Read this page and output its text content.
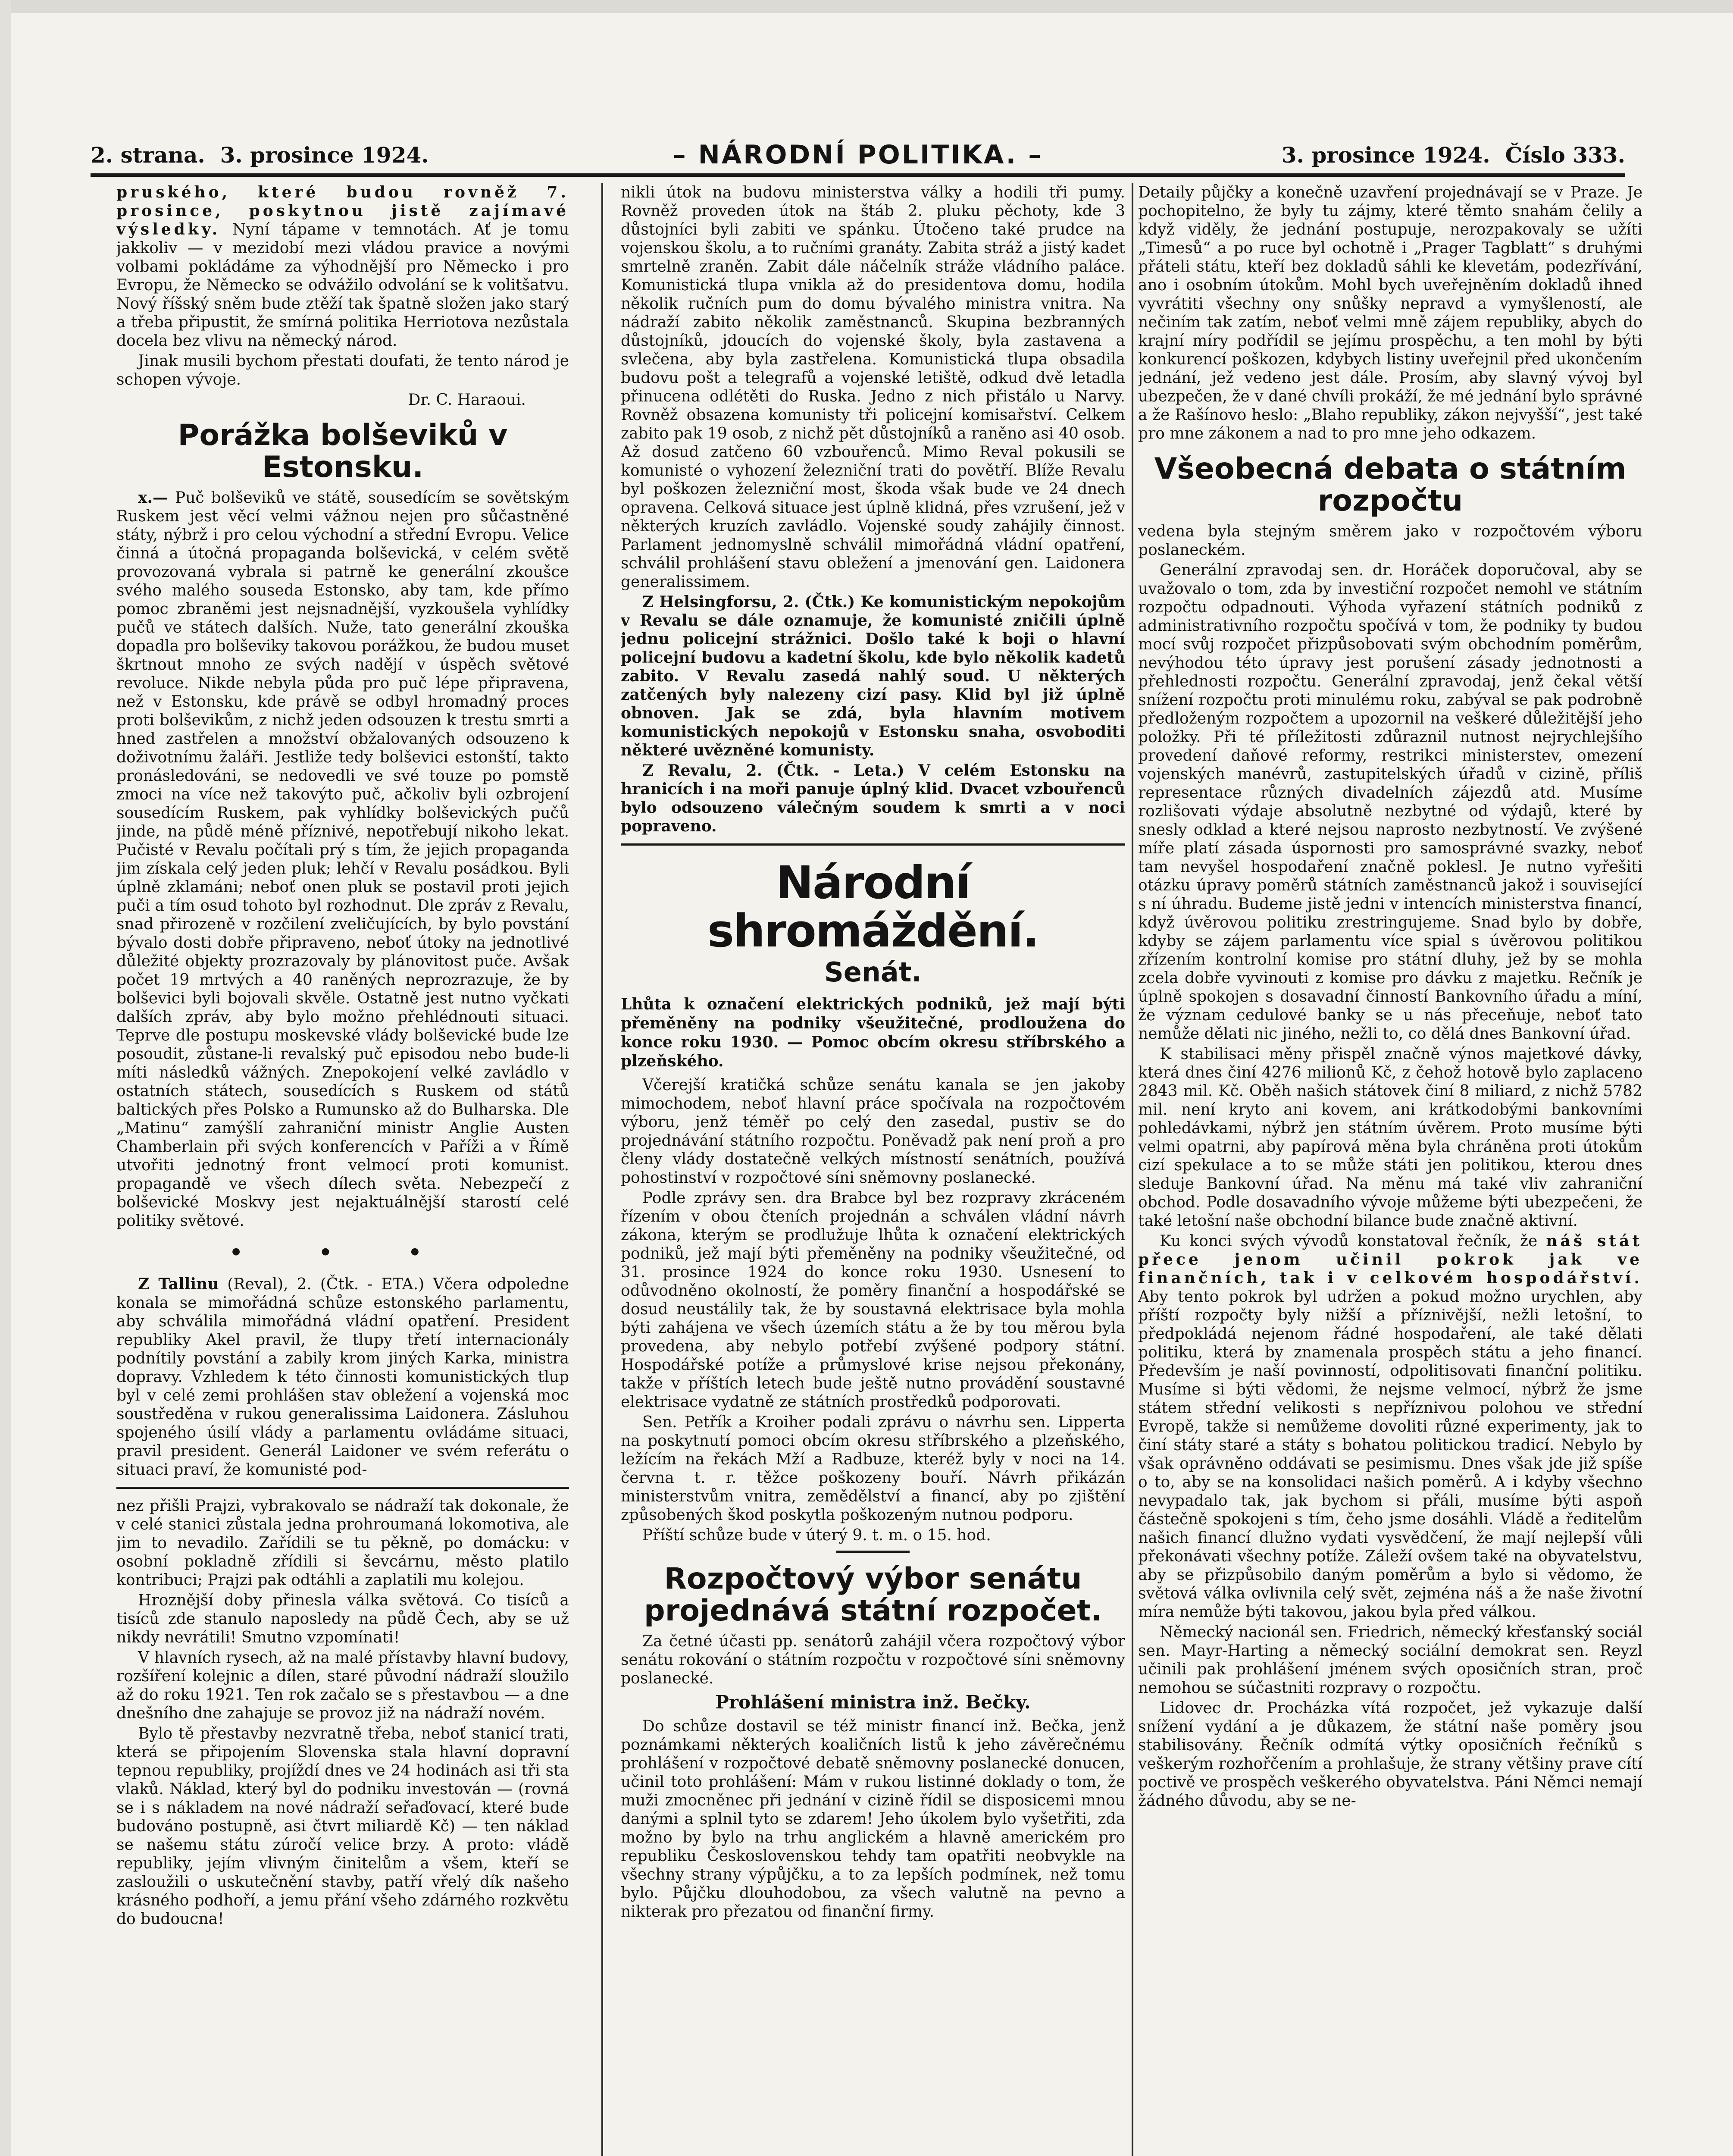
2. strana. 3. prosince 1924.	– NÁRODNÍ POLITIKA. –	3. prosince 1924. Číslo 333.

pruského, které budou rovněž 7. prosince, poskytnou jistě zajímavé výsledky. Nyní tápame v temnotách. Ať je tomu jakkoliv — v mezidobí mezi vládou pravice a novými volbami pokládáme za výhodnější pro Německo i pro Evropu, že Německo se odvážilo odvolání se k volitšatvu. Nový říšský sněm bude ztěží tak špatně složen jako starý a třeba připustit, že smírná politika Herriotova nezůstala docela bez vlivu na německý národ.

Jinak musili bychom přestati doufati, že tento národ je schopen vývoje.

Dr. C. Haraoui.

Porážka bolševiků v Estonsku.

x.— Puč bolševiků ve státě, sousedícím se sovětským Ruskem jest věcí velmi vážnou nejen pro sůčastněné státy, nýbrž i pro celou východní a střední Evropu. Velice činná a útočná propaganda bolševická, v celém světě provozovaná vybrala si patrně ke generální zkoušce svého malého souseda Estonsko, aby tam, kde přímo pomoc zbraněmi jest nejsnadnější, vyzkoušela vyhlídky pučů ve státech dalších. Nuže, tato generální zkouška dopadla pro bolševiky takovou porážkou, že budou muset škrtnout mnoho ze svých nadějí v úspěch světové revoluce. Nikde nebyla půda pro puč lépe připravena, než v Estonsku, kde právě se odbyl hromadný proces proti bolševikům, z nichž jeden odsouzen k trestu smrti a hned zastřelen a množství obžalovaných odsouzeno k doživotnímu žaláři. Jestliže tedy bolševici estonští, takto pronásledováni, se nedovedli ve své touze po pomstě zmoci na více než takovýto puč, ačkoliv byli ozbrojení sousedícím Ruskem, pak vyhlídky bolševických pučů jinde, na půdě méně příznivé, nepotřebují nikoho lekat. Pučisté v Revalu počítali prý s tím, že jejich propaganda jim získala celý jeden pluk; lehčí v Revalu posádkou. Byli úplně zklamáni; neboť onen pluk se postavil proti jejich puči a tím osud tohoto byl rozhodnut. Dle zpráv z Revalu, snad přirozeně v rozčilení zveličujících, by bylo povstání bývalo dosti dobře připraveno, neboť útoky na jednotlivé důležité objekty prozrazovaly by plánovitost puče. Avšak počet 19 mrtvých a 40 raněných neprozrazuje, že by bolševici byli bojovali skvěle. Ostatně jest nutno vyčkati dalších zpráv, aby bylo možno přehlédnouti situaci. Teprve dle postupu moskevské vlády bolševické bude lze posoudit, zůstane-li revalský puč episodou nebo bude-li míti následků vážných. Znepokojení velké zavládlo v ostatních státech, sousedících s Ruskem od států baltických přes Polsko a Rumunsko až do Bulharska. Dle „Matinu“ zamýšlí zahraniční ministr Anglie Austen Chamberlain při svých konferencích v Paříži a v Římě utvořiti jednotný front velmocí proti komunist. propagandě ve všech dílech světa. Nebezpečí z bolševické Moskvy jest nejaktuálnější starostí celé politiky světové.

• • •

Z Tallinu (Reval), 2. (Čtk. - ETA.) Včera odpoledne konala se mimořádná schůze estonského parlamentu, aby schválila mimořádná vládní opatření. President republiky Akel pravil, že tlupy třetí internacionály podnítily povstání a zabily krom jiných Karka, ministra dopravy. Vzhledem k této činnosti komunistických tlup byl v celé zemi prohlášen stav obležení a vojenská moc soustředěna v rukou generalissima Laidonera. Zásluhou spojeného úsilí vlády a parlamentu ovládáme situaci, pravil president. Generál Laidoner ve svém referátu o situaci praví, že komunisté pod-

nez přišli Prajzi, vybrakovalo se nádraží tak dokonale, že v celé stanici zůstala jedna prohroumaná lokomotiva, ale jim to nevadilo. Zařídili se tu pěkně, po domácku: v osobní pokladně zřídili si ševcárnu, město platilo kontribuci; Prajzi pak odtáhli a zaplatili mu kolejou.

Hroznější doby přinesla válka světová. Co tisíců a tisíců zde stanulo naposledy na půdě Čech, aby se už nikdy nevrátili! Smutno vzpomínati!

V hlavních rysech, až na malé přístavby hlavní budovy, rozšíření kolejnic a dílen, staré původní nádraží sloužilo až do roku 1921. Ten rok začalo se s přestavbou — a dne dnešního dne zahajuje se provoz již na nádraží novém.

Bylo tě přestavby nezvratně třeba, neboť stanicí trati, která se připojením Slovenska stala hlavní dopravní tepnou republiky, projíždí dnes ve 24 hodinách asi tři sta vlaků. Náklad, který byl do podniku investován — (rovná se i s nákladem na nové nádraží seřaďovací, které bude budováno postupně, asi čtvrt miliardě Kč) — ten náklad se našemu státu zúročí velice brzy. A proto: vládě republiky, jejím vlivným činitelům a všem, kteří se zasloužili o uskutečnění stavby, patří vřelý dík našeho krásného podhoří, a jemu přání všeho zdárného rozkvětu do budoucna!

nikli útok na budovu ministerstva války a hodili tři pumy. Rovněž proveden útok na štáb 2. pluku pěchoty, kde 3 důstojníci byli zabiti ve spánku. Útočeno také prudce na vojenskou školu, a to ručními granáty. Zabita stráž a jistý kadet smrtelně zraněn. Zabit dále náčelník stráže vládního paláce. Komunistická tlupa vnikla až do presidentova domu, hodila několik ručních pum do domu bývalého ministra vnitra. Na nádraží zabito několik zaměstnanců. Skupina bezbranných důstojníků, jdoucích do vojenské školy, byla zastavena a svlečena, aby byla zastřelena. Komunistická tlupa obsadila budovu pošt a telegrafů a vojenské letiště, odkud dvě letadla přinucena odlétěti do Ruska. Jedno z nich přistálo u Narvy. Rovněž obsazena komunisty tři policejní komisařství. Celkem zabito pak 19 osob, z nichž pět důstojníků a raněno asi 40 osob. Až dosud zatčeno 60 vzbouřenců. Mimo Reval pokusili se komunisté o vyhození železniční trati do povětří. Blíže Revalu byl poškozen železniční most, škoda však bude ve 24 dnech opravena. Celková situace jest úplně klidná, přes vzrušení, jež v některých kruzích zavládlo. Vojenské soudy zahájily činnost. Parlament jednomyslně schválil mimořádná vládní opatření, schválil prohlášení stavu obležení a jmenování gen. Laidonera generalissimem.

Z Helsingforsu, 2. (Čtk.) Ke komunistickým nepokojům v Revalu se dále oznamuje, že komunisté zničili úplně jednu policejní strážnici. Došlo také k boji o hlavní policejní budovu a kadetní školu, kde bylo několik kadetů zabito. V Revalu zasedá nahlý soud. U některých zatčených byly nalezeny cizí pasy. Klid byl již úplně obnoven. Jak se zdá, byla hlavním motivem komunistických nepokojů v Estonsku snaha, osvoboditi některé uvězněné komunisty.

Z Revalu, 2. (Čtk. - Leta.) V celém Estonsku na hranicích i na moři panuje úplný klid. Dvacet vzbouřenců bylo odsouzeno válečným soudem k smrti a v noci popraveno.

Národní shromáždění.
Senát.
Lhůta k označení elektrických podniků, jež mají býti přeměněny na podniky všeužitečné, prodloužena do konce roku 1930. — Pomoc obcím okresu stříbrského a plzeňského.

Včerejší kratičká schůze senátu kanala se jen jakoby mimochodem, neboť hlavní práce spočívala na rozpočtovém výboru, jenž téměř po celý den zasedal, pustiv se do projednávání státního rozpočtu. Poněvadž pak není proň a pro členy vlády dostatečně velkých místností senátních, používá pohostinství v rozpočtové síni sněmovny poslanecké.

Podle zprávy sen. dra Brabce byl bez rozpravy zkráceném řízením v obou čteních projednán a schválen vládní návrh zákona, kterým se prodlužuje lhůta k označení elektrických podniků, jež mají býti přeměněny na podniky všeužitečné, od 31. prosince 1924 do konce roku 1930. Usnesení to odůvodněno okolností, že poměry finanční a hospodářské se dosud neustálily tak, že by soustavná elektrisace byla mohla býti zahájena ve všech územích státu a že by tou měrou byla provedena, aby nebylo potřebí zvýšené podpory státní. Hospodářské potíže a průmyslové krise nejsou překonány, takže v příštích letech bude ještě nutno provádění soustavné elektrisace vydatně ze státních prostředků podporovati.

Sen. Petřík a Kroiher podali zprávu o návrhu sen. Lipperta na poskytnutí pomoci obcím okresu stříbrského a plzeňského, ležícím na řekách Mží a Radbuze, kteréž byly v noci na 14. června t. r. těžce poškozeny bouří. Návrh přikázán ministerstvům vnitra, zemědělství a financí, aby po zjištění způsobených škod poskytla poškozeným nutnou podporu.

Příští schůze bude v úterý 9. t. m. o 15. hod.

Rozpočtový výbor senátu projednává státní rozpočet.

Za četné účasti pp. senátorů zahájil včera rozpočtový výbor senátu rokování o státním rozpočtu v rozpočtové síni sněmovny poslanecké.

Prohlášení ministra inž. Bečky.

Do schůze dostavil se též ministr financí inž. Bečka, jenž poznámkami některých koaličních listů k jeho závěrečnému prohlášení v rozpočtové debatě sněmovny poslanecké donucen, učinil toto prohlášení: Mám v rukou listinné doklady o tom, že muži zmocněnec při jednání v cizině řídil se disposicemi mnou danými a splnil tyto se zdarem! Jeho úkolem bylo vyšetřiti, zda možno by bylo na trhu anglickém a hlavně americkém pro republiku Československou tehdy tam opatřiti neobvykle na všechny strany výpůjčku, a to za lepších podmínek, než tomu bylo. Půjčku dlouhodobou, za všech valutně na pevno a nikterak pro přezatou od finanční firmy.

Detaily půjčky a konečně uzavření projednávají se v Praze. Je pochopitelno, že byly tu zájmy, které těmto snahám čelily a když viděly, že jednání postupuje, nerozpakovaly se užíti „Timesů“ a po ruce byl ochotně i „Prager Tagblatt“ s druhými přáteli státu, kteří bez dokladů sáhli ke klevetám, podezřívání, ano i osobním útokům. Mohl bych uveřejněním dokladů ihned vyvrátiti všechny ony snůšky nepravd a vymyšleností, ale nečiním tak zatím, neboť velmi mně zájem republiky, abych do krajní míry podřídil se jejímu prospěchu, a ten mohl by býti konkurencí poškozen, kdybych listiny uveřejnil před ukončením jednání, jež vedeno jest dále. Prosím, aby slavný vývoj byl ubezpečen, že v dané chvíli prokáží, že mé jednání bylo správné a že Rašínovo heslo: „Blaho republiky, zákon nejvyšší“, jest také pro mne zákonem a nad to pro mne jeho odkazem.

Všeobecná debata o státním rozpočtu

vedena byla stejným směrem jako v rozpočtovém výboru poslaneckém.

Generální zpravodaj sen. dr. Horáček doporučoval, aby se uvažovalo o tom, zda by investiční rozpočet nemohl ve státním rozpočtu odpadnouti. Výhoda vyřazení státních podniků z administrativního rozpočtu spočívá v tom, že podniky ty budou mocí svůj rozpočet přizpůsobovati svým obchodním poměrům, nevýhodou této úpravy jest porušení zásady jednotnosti a přehlednosti rozpočtu. Generální zpravodaj, jenž čekal větší snížení rozpočtu proti minulému roku, zabýval se pak podrobně předloženým rozpočtem a upozornil na veškeré důležitější jeho položky. Při té příležitosti zdůraznil nutnost nejrychlejšího provedení daňové reformy, restrikci ministerstev, omezení vojenských manévrů, zastupitelských úřadů v cizině, příliš representace různých divadelních zájezdů atd. Musíme rozlišovati výdaje absolutně nezbytné od výdajů, které by snesly odklad a které nejsou naprosto nezbytností. Ve zvýšené míře platí zásada úspornosti pro samosprávné svazky, neboť tam nevyšel hospodaření značně poklesl. Je nutno vyřešiti otázku úpravy poměrů státních zaměstnanců jakož i související s ní úhradu. Budeme jistě jedni v intencích ministerstva financí, když úvěrovou politiku zrestringujeme. Snad bylo by dobře, kdyby se zájem parlamentu více spial s úvěrovou politikou zřízením kontrolní komise pro státní dluhy, jež by se mohla zcela dobře vyvinouti z komise pro dávku z majetku. Rečník je úplně spokojen s dosavadní činností Bankovního úřadu a míní, že význam cedulové banky se u nás přeceňuje, neboť tato nemůže dělati nic jiného, nežli to, co dělá dnes Bankovní úřad.

K stabilisaci měny přispěl značně výnos majetkové dávky, která dnes činí 4276 milionů Kč, z čehož hotově bylo zaplaceno 2843 mil. Kč. Oběh našich státovek činí 8 miliard, z nichž 5782 mil. není kryto ani kovem, ani krátkodobými bankovními pohledávkami, nýbrž jen státním úvěrem. Proto musíme býti velmi opatrni, aby papírová měna byla chráněna proti útokům cizí spekulace a to se může státi jen politikou, kterou dnes sleduje Bankovní úřad. Na měnu má také vliv zahraniční obchod. Podle dosavadního vývoje můžeme býti ubezpečeni, že také letošní naše obchodní bilance bude značně aktivní.

Ku konci svých vývodů konstatoval řečník, že náš stát přece jenom učinil pokrok jak ve finančních, tak i v celkovém hospodářství. Aby tento pokrok byl udržen a pokud možno urychlen, aby příští rozpočty byly nižší a příznivější, nežli letošní, to předpokládá nejenom řádné hospodaření, ale také dělati politiku, která by znamenala prospěch státu a jeho financí. Především je naší povinností, odpolitisovati finanční politiku. Musíme si býti vědomi, že nejsme velmocí, nýbrž že jsme státem střední velikosti s nepříznivou polohou ve střední Evropě, takže si nemůžeme dovoliti různé experimenty, jak to činí státy staré a státy s bohatou politickou tradicí. Nebylo by však oprávněno oddávati se pesimismu. Dnes však jde již spíše o to, aby se na konsolidaci našich poměrů. A i kdyby všechno nevypadalo tak, jak bychom si přáli, musíme býti aspoň částečně spokojeni s tím, čeho jsme dosáhli. Vládě a ředitelům našich financí dlužno vydati vysvědčení, že mají nejlepší vůli překonávati všechny potíže. Záleží ovšem také na obyvatelstvu, aby se přizpůsobilo daným poměrům a bylo si vědomo, že světová válka ovlivnila celý svět, zejména náš a že naše životní míra nemůže býti takovou, jakou byla před válkou.

Německý nacionál sen. Friedrich, německý křesťanský sociál sen. Mayr-Harting a německý sociální demokrat sen. Reyzl učinili pak prohlášení jménem svých oposičních stran, proč nemohou se súčastniti rozpravy o rozpočtu.

Lidovec dr. Procházka vítá rozpočet, jež vykazuje další snížení vydání a je důkazem, že státní naše poměry jsou stabilisovány. Řečník odmítá výtky oposičních řečníků s veškerým rozhořčením a prohlašuje, že strany většiny prave cítí poctivě ve prospěch veškerého obyvatelstva. Páni Němci nemají žádného důvodu, aby se ne-
